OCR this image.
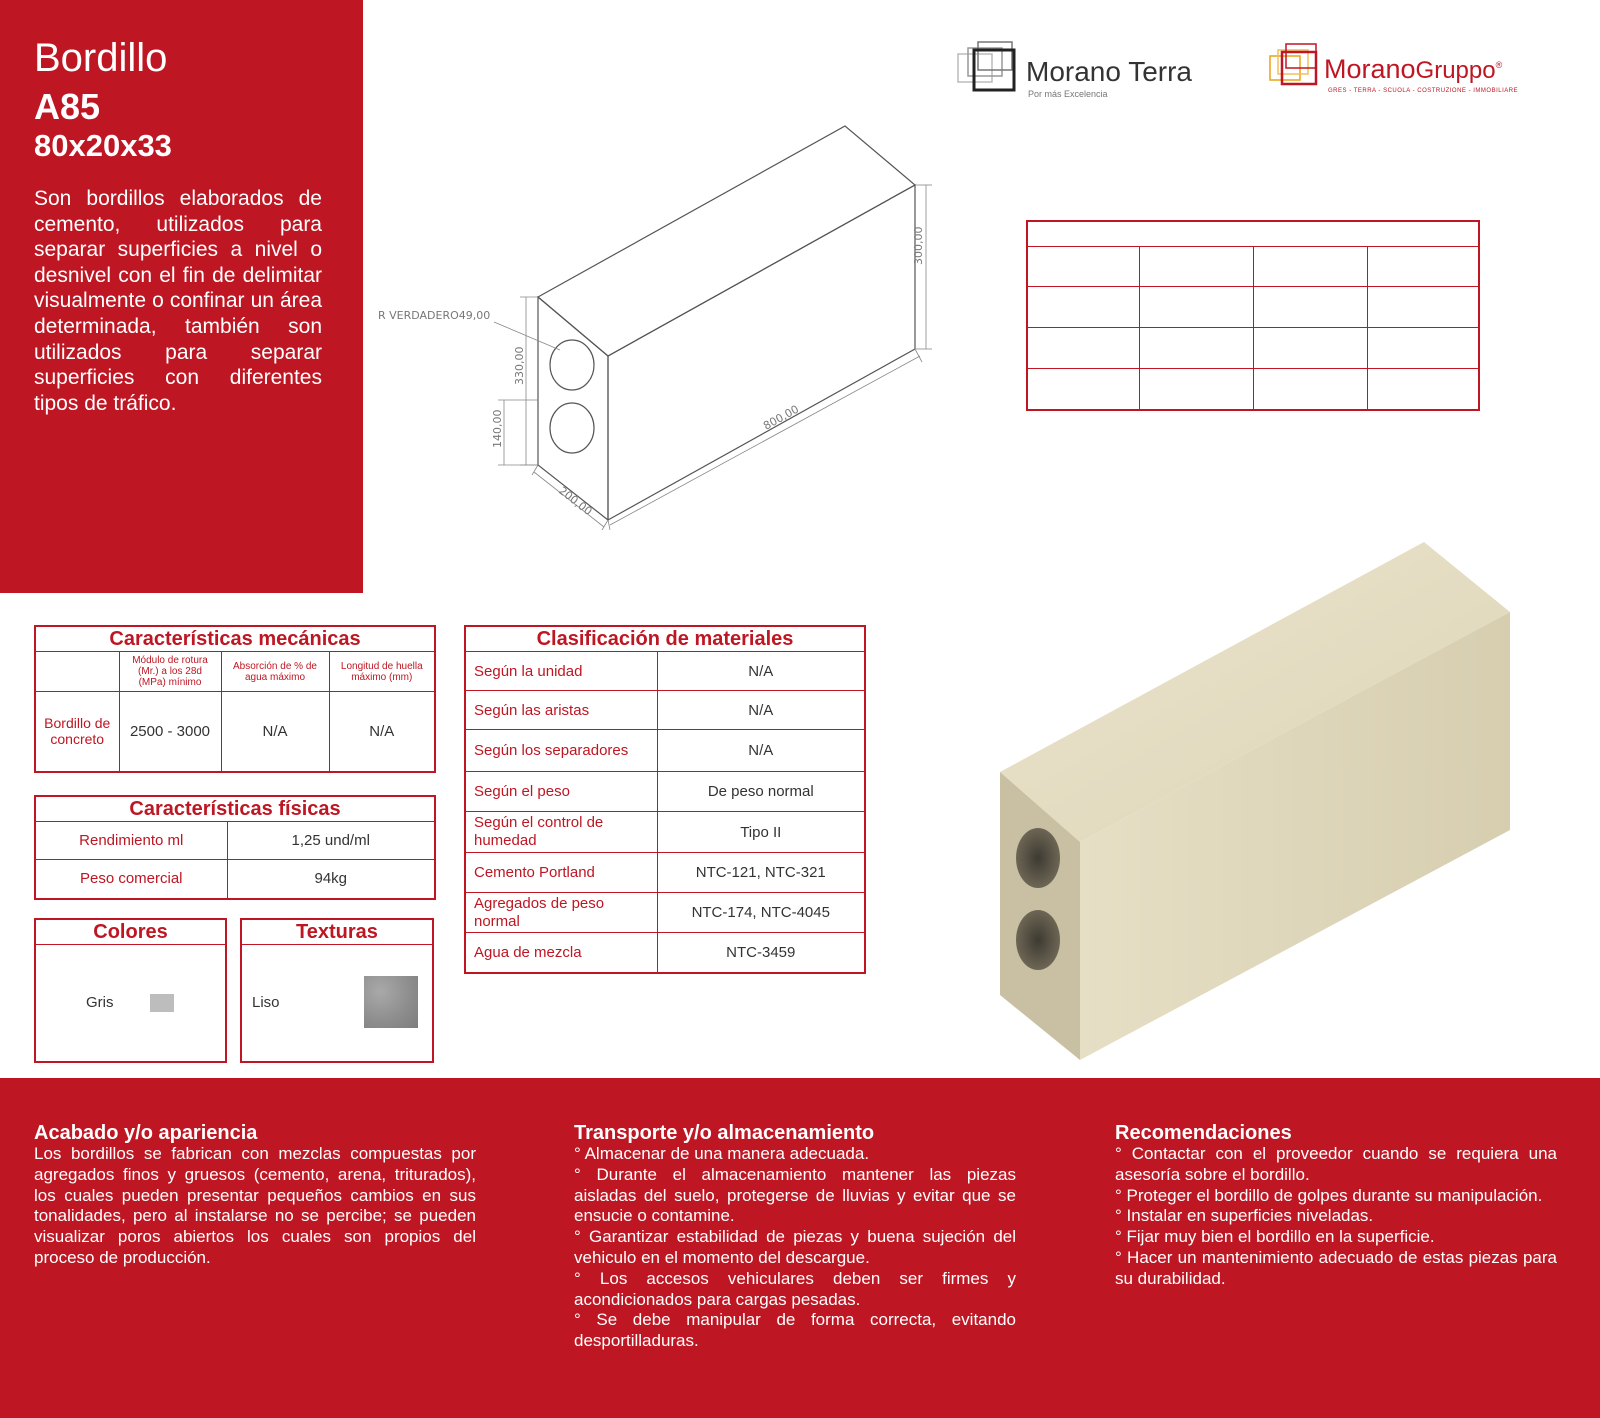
Bordillo
A85
80x20x33
Son bordillos elaborados de cemento, utilizados para separar superficies a nivel o desnivel con el fin de delimitar visualmente o confinar un área determinada, también son utilizados para separar superficies con diferentes tipos de tráfico.
Morano Terra
Por más Excelencia
MoranoGruppo®
GRES - TERRA - SCUOLA - COSTRUZIONE - IMMOBILIARE
R VERDADERO49,00
300,00
330,00
140,00	800,00
200,00

Características mecánicas			
	Módulo de rotura (Mr.) a los 28d (MPa) mínimo	Absorción de % de agua máximo	Longitud de huella máximo (mm)
Bordillo de concreto	2500 - 3000	N/A	N/A
Características físicas	
Rendimiento ml	1,25 und/ml
Peso comercial	94kg
Colores
Gris
Texturas
Liso
Clasificación de materiales	
Según la unidad	N/A
Según las aristas	N/A
Según los separadores	N/A
Según el peso	De peso normal
Según el control de humedad	Tipo II
Cemento Portland	NTC-121, NTC-321
Agregados de peso normal	NTC-174, NTC-4045
Agua de mezcla	NTC-3459
Acabado y/o apariencia

Los bordillos se fabrican con mezclas compuestas por agregados finos y gruesos (cemento, arena, triturados), los cuales pueden presentar pequeños cambios en sus tonalidades, pero al instalarse no se percibe; se pueden visualizar poros abiertos los cuales son propios del proceso de producción.

Transporte y/o almacenamiento

° Almacenar de una manera adecuada.

° Durante el almacenamiento mantener las piezas aisladas del suelo, protegerse de lluvias y evitar que se ensucie o contamine.

° Garantizar estabilidad de piezas y buena sujeción del vehiculo en el momento del descargue.

° Los accesos vehiculares deben ser firmes y acondicionados para cargas pesadas.

° Se debe manipular de forma correcta, evitando desportilladuras.

Recomendaciones

° Contactar con el proveedor cuando se requiera una asesoría sobre el bordillo.

° Proteger el bordillo de golpes durante su manipulación.

° Instalar en superficies niveladas.

° Fijar muy bien el bordillo en la superficie.

° Hacer un mantenimiento adecuado de estas piezas para su durabilidad.
